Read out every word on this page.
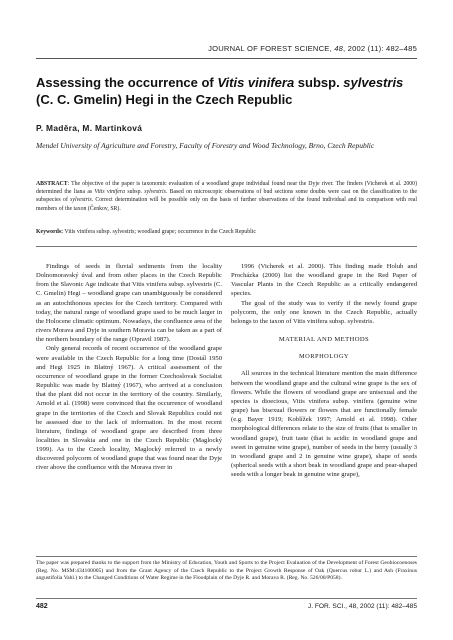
JOURNAL OF FOREST SCIENCE, 48, 2002 (11): 482–485
Assessing the occurrence of Vitis vinifera subsp. sylvestris
(C. C. Gmelin) Hegi in the Czech Republic
P. Maděra, M. Martinková
Mendel University of Agriculture and Forestry, Faculty of Forestry and Wood Technology, Brno, Czech Republic
ABSTRACT: The objective of the paper is taxonomic evaluation of a woodland grape individual found near the Dyje river. The finders (Vicherek et al. 2000) determined the liana as Vitis vinifera subsp. sylvestris. Based on microscopic observations of bud sections some doubts were cast on the classification to the subspecies of sylvestris. Correct determination will be possible only on the basis of further observations of the found individual and its comparison with real members of the taxon (Čenkov, SR).
Keywords: Vitis vinifera subsp. sylvestris; woodland grape; occurrence in the Czech Republic

Findings of seeds in fluvial sediments from the locality Dolnomoravský úval and from other places in the Czech Republic from the Slavonic Age indicate that Vitis vinifera subsp. sylvestris (C. C. Gmelin) Hegi – woodland grape can unambiguously be considered as an autochthonous species for the Czech territory. Compared with today, the natural range of woodland grape used to be much larger in the Holocene climatic optimum. Nowadays, the confluence area of the rivers Morava and Dyje in southern Moravia can be taken as a part of the northern boundary of the range (Opravil 1987).

Only general records of recent occurrence of the woodland grape were available in the Czech Republic for a long time (Dostál 1950 and Hegi 1925 in Blattný 1967). A critical assessment of the occurrence of woodland grape in the former Czechoslovak Socialist Republic was made by Blattný (1967), who arrived at a conclusion that the plant did not occur in the territory of the country. Similarly, Arnold et al. (1998) were convinced that the occurrence of woodland grape in the territories of the Czech and Slovak Republics could not be assessed due to the lack of information. In the most recent literature, findings of woodland grape are described from three localities in Slovakia and one in the Czech Republic (Maglocký 1999). As to the Czech locality, Maglocký referred to a newly discovered polycorm of woodland grape that was found near the Dyje river above the confluence with the Morava river in

1996 (Vicherek et al. 2000). This finding made Holub and Procházka (2000) list the woodland grape in the Red Paper of Vascular Plants in the Czech Republic as a critically endangered species.

The goal of the study was to verify if the newly found grape polycorm, the only one known in the Czech Republic, actually belongs to the taxon of Vitis vinifera subsp. sylvestris.

MATERIAL AND METHODS
MORPHOLOGY

All sources in the technical literature mention the main difference between the woodland grape and the cultural wine grape is the sex of flowers. While the flowers of woodland grape are unisexual and the species is dioecious, Vitis vinifera subsp. vinifera (genuine wine grape) has bisexual flowers or flowers that are functionally female (e.g. Bayer 1919; Koblížek 1997; Arnold et al. 1998). Other morphological differences relate to the size of fruits (that is smaller in woodland grape), fruit taste (that is acidic in woodland grape and sweet in genuine wine grape), number of seeds in the berry (usually 3 in woodland grape and 2 in genuine wine grape), shape of seeds (spherical seeds with a short beak in woodland grape and pear-shaped seeds with a longer beak in genuine wine grape),

The paper was prepared thanks to the support from the Ministry of Education, Youth and Sports to the Project Evaluation of the Development of Forest Geobiocoenoses (Reg. No. MSM:434100005) and from the Grant Agency of the Czech Republic to the Project Growth Response of Oak (Quercus robur L.) and Ash (Fraxinus angustifolia Vahl.) to the Changed Conditions of Water Regime in the Floodplain of the Dyje R. and Morava R. (Reg. No. 526/00/P058).
482	J. FOR. SCI., 48, 2002 (11): 482–485
